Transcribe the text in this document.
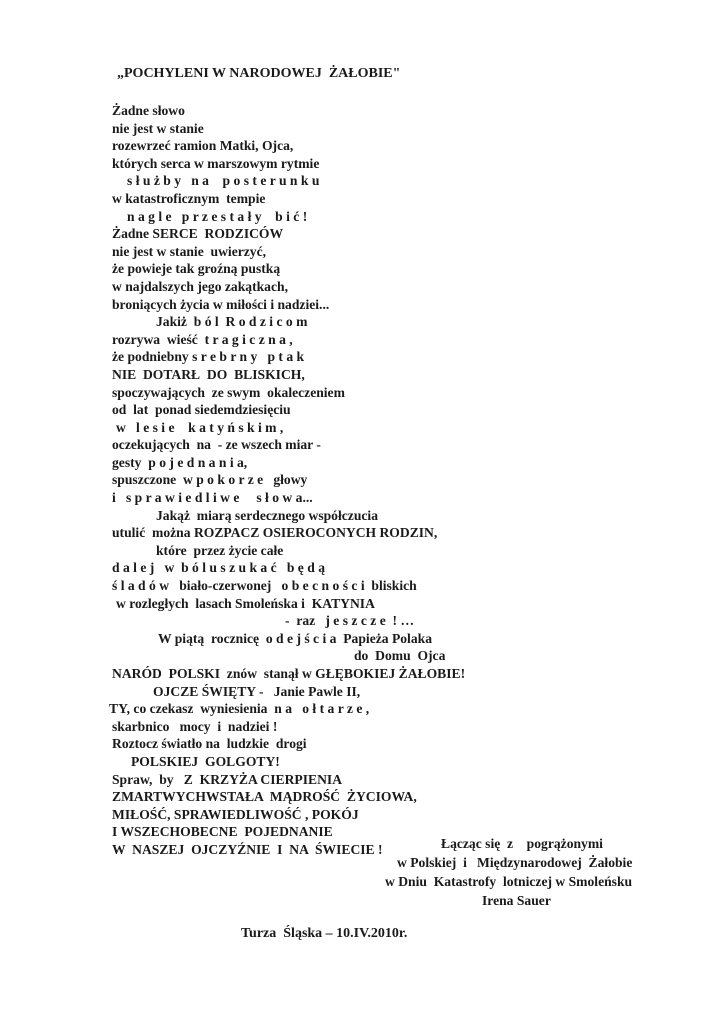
„POCHYLENI W NARODOWEJ  ŻAŁOBIE"
Żadne słowo
nie jest w stanie
rozewrzeć ramion Matki, Ojca,
których serca w marszowym rytmie
s ł u ż b y   n a    p o s t e r u n k u
w katastroficznym  tempie
n a g l e   p r z e s t a ł y    b i ć !
Żadne SERCE  RODZICÓW
nie jest w stanie  uwierzyć,
że powieje tak groźną pustką
w najdalszych jego zakątkach,
broniących życia w miłości i nadziei...
Jakiż  b ó l  R o d z i c o m
rozrywa  wieść  t r a g i c z n a ,
że podniebny s r e b r n y   p t a k
NIE  DOTARŁ  DO  BLISKICH,
spoczywających  ze swym  okaleczeniem
od  lat  ponad siedemdziesięciu
w   l e s i e    k a t y ń s k i m ,
oczekujących  na  - ze wszech miar -
gesty  p o j e d n a n i a,
spuszczone  w p o k o r z e   głowy
i   s p r a w i e d l i w e     s ł o w a...
Jakąż  miarą serdecznego współczucia
utulić  można ROZPACZ OSIEROCONYCH RODZIN,
które  przez życie całe
d a l e j   w  b ó l u s z u k a ć   b ę d ą
ś l a d ó w   biało-czerwonej   o b e c n o ś c i  bliskich
w rozległych  lasach Smoleńska i  KATYNIA
-  raz   j e s z c z e  ! …
W piątą  rocznicę  o d e j ś c i a  Papieża Polaka
do  Domu  Ojca
NARÓD  POLSKI  znów  stanął w GŁĘBOKIEJ ŻAŁOBIE!
OJCZE ŚWIĘTY -   Janie Pawle II,
TY, co czekasz  wyniesienia  n a   o ł t a r z e ,
skarbnico   mocy  i  nadziei !
Roztocz światło na  ludzkie  drogi
POLSKIEJ  GOLGOTY!
Spraw,  by   Z  KRZYŻA CIERPIENIA
ZMARTWYCHWSTAŁA  MĄDROŚĆ  ŻYCIOWA,
MIŁOŚĆ, SPRAWIEDLIWOŚĆ , POKÓJ
I WSZECHOBECNE  POJEDNANIE
W  NASZEJ  OJCZYŹNIE  I  NA  ŚWIECIE !	Łącząc się  z    pogrążonymi
w Polskiej  i   Międzynarodowej  Żałobie
w Dniu  Katastrofy  lotniczej w Smoleńsku
Irena Sauer
Turza  Śląska – 10.IV.2010r.
